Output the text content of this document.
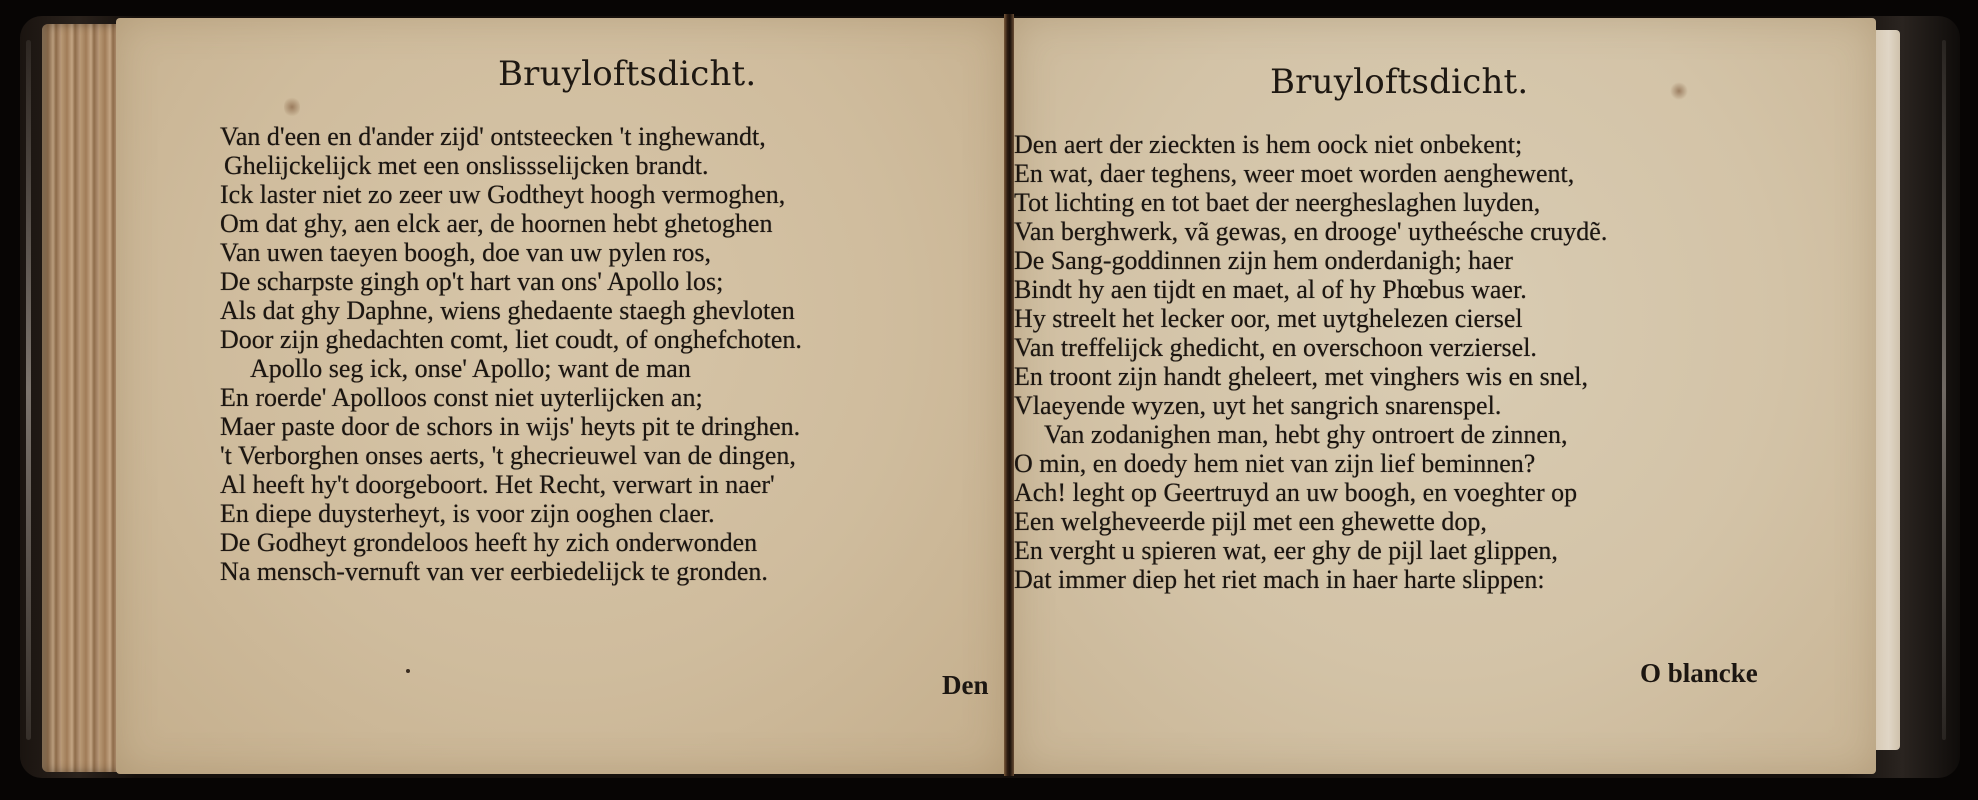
Bruyloftsdicht.
Van d'een en d'ander zijd' ontsteecken 't inghewandt,
Ghelijckelijck met een onslissselijcken brandt.
Ick laster niet zo zeer uw Godtheyt hoogh vermoghen,
Om dat ghy, aen elck aer, de hoornen hebt ghetoghen
Van uwen taeyen boogh, doe van uw pylen ros,
De scharpste gingh op't hart van ons' Apollo los;
Als dat ghy Daphne, wiens ghedaente staegh ghevloten
Door zijn ghedachten comt, liet coudt, of onghefchoten.
Apollo seg ick, onse' Apollo; want de man
En roerde' Apolloos const niet uyterlijcken an;
Maer paste door de schors in wijs' heyts pit te dringhen.
't Verborghen onses aerts, 't ghecrieuwel van de dingen,
Al heeft hy't doorgeboort. Het Recht, verwart in naer'
En diepe duysterheyt, is voor zijn ooghen claer.
De Godheyt grondeloos heeft hy zich onderwonden
Na mensch-vernuft van ver eerbiedelijck te gronden.
Den
Bruyloftsdicht.
Den aert der zieckten is hem oock niet onbekent;
En wat, daer teghens, weer moet worden aenghewent,
Tot lichting en tot baet der neergheslaghen luyden,
Van berghwerk, vã gewas, en drooge' uytheésche cruydẽ.
De Sang-goddinnen zijn hem onderdanigh; haer
Bindt hy aen tijdt en maet, al of hy Phœbus waer.
Hy streelt het lecker oor, met uytghelezen ciersel
Van treffelijck ghedicht, en overschoon verziersel.
En troont zijn handt gheleert, met vinghers wis en snel,
Vlaeyende wyzen, uyt het sangrich snarenspel.
Van zodanighen man, hebt ghy ontroert de zinnen,
O min, en doedy hem niet van zijn lief beminnen?
Ach! leght op Geertruyd an uw boogh, en voeghter op
Een welgheveerde pijl met een ghewette dop,
En verght u spieren wat, eer ghy de pijl laet glippen,
Dat immer diep het riet mach in haer harte slippen:
O blancke
